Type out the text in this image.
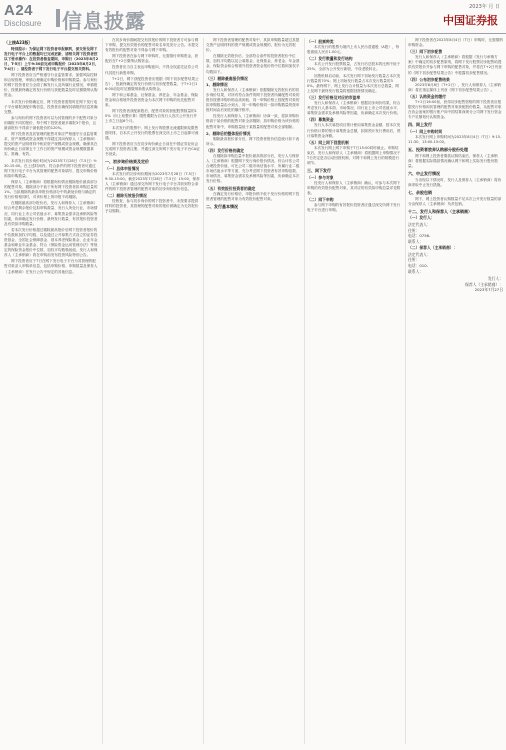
A24
Disclosure 信息披露
2023年 月 日
中国证券报
（上接A23版）
特别提示：为保证网下投资者申报顺利，深交所及网下发行电子平台上的数据均已完成更新，请相关网下投资者按以下要求操作：在投资者核查期间，申购日（2023年8月2日，T-5日）上午9:30前完成申购报价（2023年8月2日，T-4日）；请投资者于网下发行电子平台提交相关资料。
网下投资者应当严格遵守行业监管要求，加强风险控制和合规管理，审慎合理确定申购价格和申购数量。参与询价的网下投资者应当全面了解发行人及所属行业情况，审慎报价，按照最终确定的发行价格与获配数量及时足额缴纳认购资金。
本次发行价格确定后，网下投资者需按时在网下发行电子平台填报获配申购信息，投资者应确保其填报的信息准确完整。
参与询价的网下投资者可以为其管理的多个配售对象分别填报不同的报价，每个网下投资者最多填报3个报价，且最高报价不得高于最低报价的120%。
网下投资者及其管理的配售对象应严格遵守行业监管要求，资产规模或资金规模不得超过其向保荐人（主承销商）提交的资产证明材料中相应资产规模或资金规模，确保其在询价截止日前第五个工作日的资产规模或资金规模数据真实、准确、有效。
本次发行初步询价时间为2023年7月28日（T-5日）9:30-15:00。在上述时间内，符合条件的网下投资者可通过网下发行电子平台为其管理的配售对象填写、提交申购价格和拟申购数量。
保荐人（主承销商）将根据询价情况剔除报价最高部分的配售对象，剔除部分不低于所有网下投资者拟申购总量的1%。当拟剔除的最高申报价格部分中的最低价格与确定的发行价格相同时，对该价格上的申报不再剔除。
在剔除最高部分报价后，发行人和保荐人（主承销商）综合考虑剩余报价及拟申购数量、发行人所处行业、市场情况、同行业上市公司估值水平、募集资金需求及承销风险等因素，协商确定发行价格、最终发行数量、有效报价投资者及有效拟申购数量。
若本次发行价格超过剔除最高报价后网下投资者报价的中位数和加权平均数，以及通过公开募集方式设立的证券投资基金、全国社会保障基金、基本养老保险基金、企业年金基金和职业年金基金、符合《保险资金运用管理办法》等规定的保险资金报价中位数、加权平均数孰低值，发行人和保荐人（主承销商）将在申购前发布投资风险特别公告。
网下投资者应于T日在网下发行电子平台为其管理的配售对象录入申购单信息，包括申购价格、申购数量及保荐人（主承销商）在发行公告中规定的其他信息。
在初步询价期间提交有效报价的网下投资者方可参与网下申购，提交有效报价的配售对象名单见发行公告。未提交有效报价的配售对象不得参与网下申购。
网下投资者在参与网下申购时，无需缴付申购资金，获配后在T+2日缴纳认购资金。
投资者应当自主表达申购意向，不得全权委托证券公司代其进行新股申购。
T+2日，网下获配投资者应根据《网下初步配售结果公告》，按最终确定的发行价格与初步配售数量，于T+2日16:00前及时足额缴纳新股认购资金。
网下和公募基金、社保基金、养老金、年金基金、保险资金和合格境外投资者资金为本次网下申购的优先配售对象。
网下投资者获配新股后，配售对象的获配股票数量的10%（向上取整计算）限售期限为自发行人首次公开发行并上市之日起6个月。
本次发行的股票中，网上发行的股票无流通限制及限售期安排，自本次公开发行的股票在深交所上市之日起即可流通。
网下投资者应当在初步询价截止日前在中国证券业协会完成网下投资者注册，并通过深交所网下发行电子平台CA证书登录。
一、初步询价结果及定价
（一）总体申报情况
本次发行的初步询价期间为2023年7月28日（T-5日）9:30-15:00。截至2023年7月28日（T-5日）15:00，保荐人（主承销商）通过深交所网下发行电子平台共收到符合条件的网下投资者管理的配售对象的初步询价报价信息。
（二）剔除无效报价情况
经核查，参与初步询价的网下投资者中，未按要求提供材料的投资者，其管理的配售对象的报价被确定为无效报价予以剔除。
网下投资者管理的配售对象中，其拟申购数量超过其提交资产证明材料的资产规模或资金规模的，报价为无效报价。
在剔除无效报价后，全部符合条件的投资者报价中位数、加权平均数以及公募基金、社保基金、养老金、年金基金、保险资金和合格境外投资者资金报价的中位数和加权平均数如下。
（三）剔除最高报价情况
1、剔除情况
发行人和保荐人（主承销商）依据剔除无效报价后的初步询价结果，对所有符合条件的网下投资者所属配售对象的报价按照申购价格由高到低、同一申购价格上按配售对象的拟申购数量由小到大、同一申购价格同一拟申购数量的按申报时间由后到先的顺序排序。
经发行人和保荐人（主承销商）协商一致，将拟申购价格高于某价格的配售对象全部剔除；拟申购价格为该价格的配售对象中，申购数量低于某数量的配售对象全部剔除。
2、剔除后的整体报价情况
剔除最高报价部分后，网下投资者报价信息统计如下表所示。
（四）发行价格的确定
在剔除拟申购总量中报价最高的部分后，发行人与保荐人（主承销商）根据网下发行询价报价情况，综合评估公司合理投资价值、可比公司二级市场估值水平、所属行业二级市场估值水平等方面，充分考虑网下投资者有效申购倍数、市场情况、募集资金需求及承销风险等因素，协商确定本次发行价格。
（五）有效报价投资者的确定
在确定发行价格后，申报价格不低于发行价格的网下投资者管理的配售对象为有效报价配售对象。
二、发行基本情况
（一）股票种类
本次发行的股票为境内上市人民币普通股（A股），每股面值人民币1.00元。
（二）发行数量和发行结构
本次公开发行股票数量，占发行后总股本的比例不低于25%，全部为公开发行新股，不设老股转让。
回拨机制启动前，本次发行网下初始发行数量占本次发行数量的70%；网上初始发行数量占本次发行数量的30%。最终网下、网上发行合计数量为本次发行总数量，网上及网下最终发行数量将根据回拨情况确定。
（三）发行价格及对应的市盈率
发行人和保荐人（主承销商）根据初步询价结果，综合考虑发行人基本面、市场情况、同行业上市公司估值水平、募集资金需求及承销风险等因素，协商确定本次发行价格。
（四）募集资金
发行人本次募投项目预计使用募集资金金额，按本次发行价格计算的预计募集资金总额，扣除预计发行费用后，预计募集资金净额。
（五）网上网下回拨机制
本次发行网上网下申购于T日15:00同时截止。申购结束后，发行人和保荐人（主承销商）将根据网上申购情况于T日决定是否启动回拨机制，对网下和网上发行的规模进行调节。
三、网下发行
（一）参与对象
经发行人和保荐人（主承销商）确认，可参与本次网下申购的有效报价配售对象，其对应的有效拟申购总量详见附表。
（二）网下申购
参与网下申购的有效报价投资者应通过深交所网下发行电子平台进行申购。
网下投资者在2023年8月4日（T日）申购时，无需缴纳申购资金。
（三）网下初步配售
发行人和保荐人（主承销商）将根据《发行与承销方案》中确定的初步配售原则，将网下发行股票初步配售给提供有效报价并参与网下申购的配售对象，并将在T+2日刊登的《网下初步配售结果公告》中披露初步配售情况。
（四）公布初步配售结果
2023年8月8日（T+2日），发行人和保荐人（主承销商）将在指定媒体上刊登《网下初步配售结果公告》。
（五）认购资金的缴付
T+2日16:00前，获得初步配售资格的网下投资者应根据发行价格和其管理的配售对象获配股份数量，从配售对象在协会备案的银行账户向中国结算深圳分公司网下发行资金专户足额划付认购资金。
四、网上发行
（一）网上申购时间
本次发行网上申购时间为2023年8月4日（T日）9:15-11:30、13:00-15:00。
五、投资者放弃认购部分股份处理
网下和网上投资者缴款认购结束后，保荐人（主承销商）将根据实际缴款情况确认网下和网上实际发行股份数量。
六、中止发行情况
当出现以下情况时，发行人及保荐人（主承销商）将协商采取中止发行措施。
七、余股包销
网下、网上投资者认购数量不足本次公开发行数量的部分由保荐人（主承销商）负责包销。
十二、发行人和保荐人（主承销商）
（一）发行人：
法定代表人：
住所：
电话：0756-
联系人：
（二）保荐人（主承销商）：
法定代表人：
住所：
电话：010-
联系人：
发行人：
保荐人（主承销商）：
2023年7月27日
